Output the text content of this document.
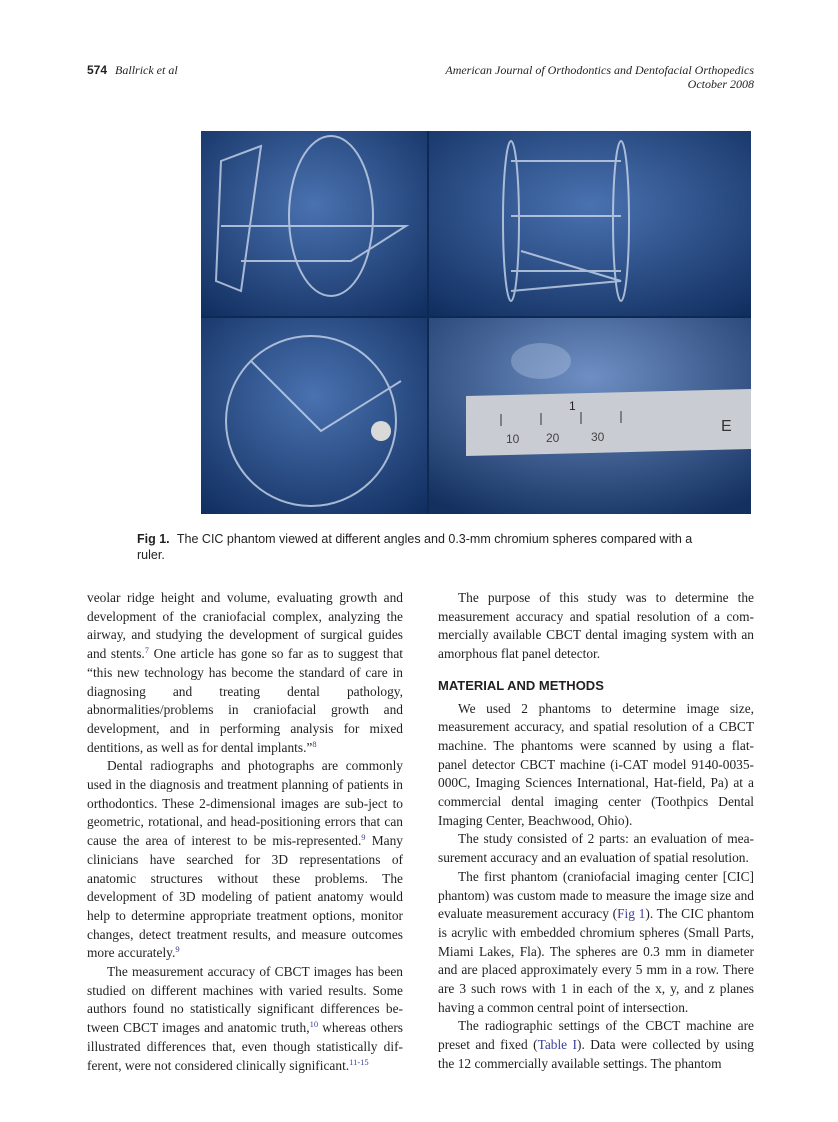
574 Ballrick et al	American Journal of Orthodontics and Dentofacial Orthopedics
October 2008
1
10 20	30
E
Fig 1. The CIC phantom viewed at different angles and 0.3-mm chromium spheres compared with a ruler.

veolar ridge height and volume, evaluating growth and development of the craniofacial complex, analyzing the airway, and studying the development of surgical guides and stents.$^7$ One article has gone so far as to suggest that “this new technology has become the standard of care in diagnosing and treating dental pathology, abnormalities/problems in craniofacial growth and development, and in performing analysis for mixed dentitions, as well as for dental implants.”$^8$

Dental radiographs and photographs are commonly used in the diagnosis and treatment planning of patients in orthodontics. These 2-dimensional images are sub-ject to geometric, rotational, and head-positioning errors that can cause the area of interest to be mis-represented.$^9$ Many clinicians have searched for 3D representations of anatomic structures without these problems. The development of 3D modeling of patient anatomy would help to determine appropriate treatment options, monitor changes, detect treatment results, and measure outcomes more accurately.$^9$

The measurement accuracy of CBCT images has been studied on different machines with varied results. Some authors found no statistically significant differences be-tween CBCT images and anatomic truth,$^{10}$ whereas others illustrated differences that, even though statistically dif-ferent, were not considered clinically significant.$^{11-15}$

The purpose of this study was to determine the measurement accuracy and spatial resolution of a com-mercially available CBCT dental imaging system with an amorphous flat panel detector.

MATERIAL AND METHODS

We used 2 phantoms to determine image size, measurement accuracy, and spatial resolution of a CBCT machine. The phantoms were scanned by using a flat-panel detector CBCT machine (i-CAT model 9140-0035-000C, Imaging Sciences International, Hat-field, Pa) at a commercial dental imaging center (Toothpics Dental Imaging Center, Beachwood, Ohio).

The study consisted of 2 parts: an evaluation of mea-surement accuracy and an evaluation of spatial resolution.

The first phantom (craniofacial imaging center [CIC] phantom) was custom made to measure the image size and evaluate measurement accuracy (Fig 1). The CIC phantom is acrylic with embedded chromium spheres (Small Parts, Miami Lakes, Fla). The spheres are 0.3 mm in diameter and are placed approximately every 5 mm in a row. There are 3 such rows with 1 in each of the x, y, and z planes having a common central point of intersection.

The radiographic settings of the CBCT machine are preset and fixed (Table I). Data were collected by using the 12 commercially available settings. The phantom
